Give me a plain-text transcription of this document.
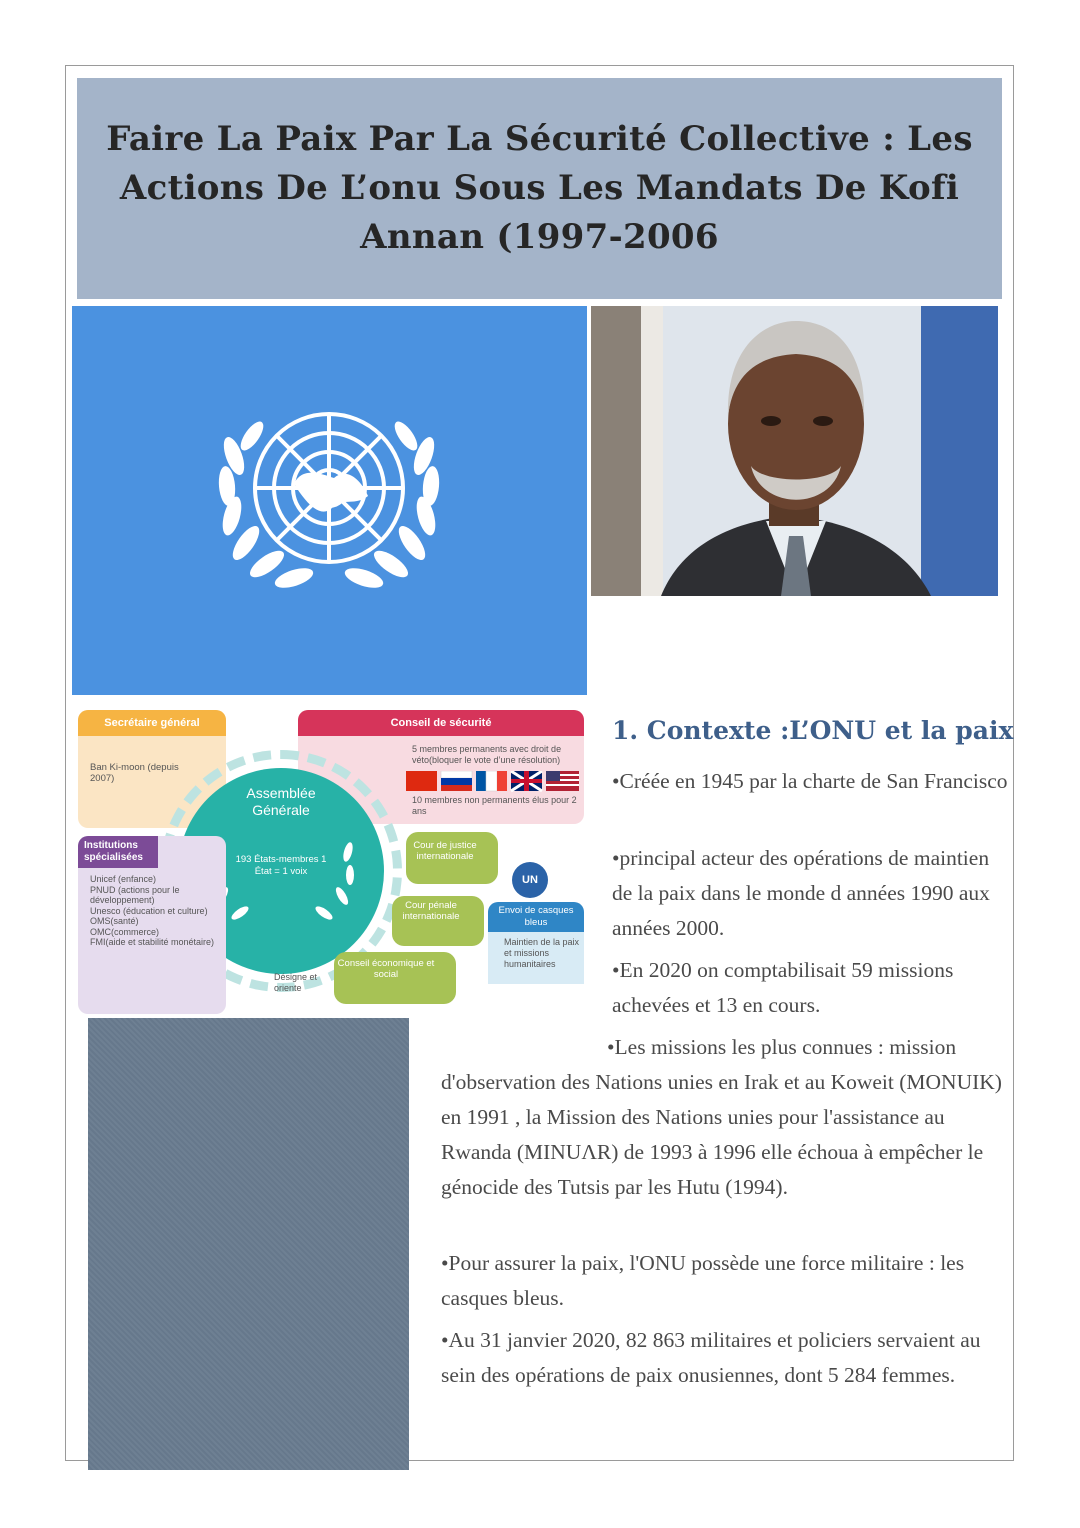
Faire La Paix Par La Sécurité Collective : Les Actions De L’onu Sous Les Mandats De Kofi Annan (1997-2006
Secrétaire général
Ban Ki-moon (depuis 2007)
Conseil de sécurité
5 membres permanents avec droit de véto(bloquer le vote d’une résolution)
10 membres non permanents élus pour 2 ans
Assemblée Générale
193 États-membres 1 État = 1 voix
Institutions spécialisées
Unicef (enfance)
PNUD (actions pour le développement)
Unesco (éducation et culture)
OMS(santé)
OMC(commerce)
FMI(aide et stabilité monétaire)
Cour de justice internationale
Cour pénale internationale
Conseil économique et social
UN
Envoi de casques bleus
Maintien de la paix et missions humanitaires
Désigne et oriente
1. Contexte :L’ONU et la paix

•Créée en 1945 par la charte de San Francisco

•principal acteur des opérations de maintien de la paix dans le monde d années 1990 aux années 2000.

•En 2020 on comptabilisait 59 missions achevées et 13 en cours.

•Les missions les plus connues : mission d'observation des Nations unies en Irak et au Koweit (MONUIK) en 1991 , la Mission des Nations unies pour l'assistance au Rwanda (MINUΛR) de 1993 à 1996 elle échoua à empêcher le génocide des Tutsis par les Hutu (1994).

•Pour assurer la paix, l'ONU possède une force militaire : les casques bleus.

•Au 31 janvier 2020, 82 863 militaires et policiers servaient au sein des opérations de paix onusiennes, dont 5 284 femmes.
